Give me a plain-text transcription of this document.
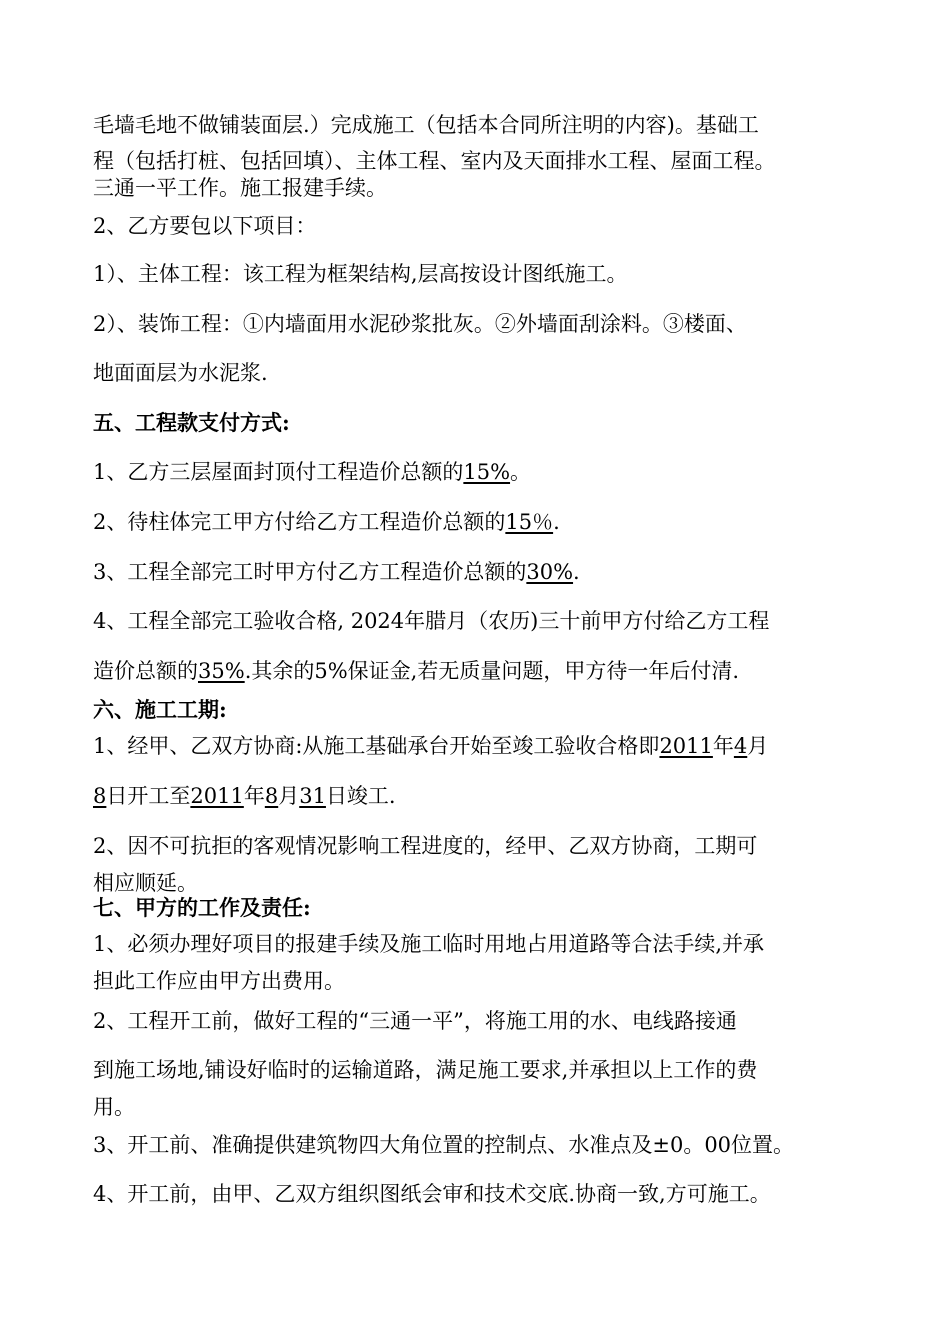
毛墙毛地不做铺装面层.）完成施工（包括本合同所注明的内容)。基础工

程（包括打桩、包括回填）、主体工程、室内及天面排水工程、屋面工程。

三通一平工作。施工报建手续。

2、乙方要包以下项目：

1）、主体工程：该工程为框架结构,层高按设计图纸施工。

2）、装饰工程：①内墙面用水泥砂浆批灰。②外墙面刮涂料。③楼面、

地面面层为水泥浆.

五、工程款支付方式:

1、乙方三层屋面封顶付工程造价总额的15%。

2、待柱体完工甲方付给乙方工程造价总额的15％.

3、工程全部完工时甲方付乙方工程造价总额的30%.

4、工程全部完工验收合格, 2024年腊月（农历)三十前甲方付给乙方工程

造价总额的35%.其余的5%保证金,若无质量问题，甲方待一年后付清.

六、施工工期:

1、经甲、乙双方协商:从施工基础承台开始至竣工验收合格即2011年4月

8日开工至2011年8月31日竣工.

2、因不可抗拒的客观情况影响工程进度的，经甲、乙双方协商，工期可

相应顺延。

七、甲方的工作及责任:

1、必须办理好项目的报建手续及施工临时用地占用道路等合法手续,并承

担此工作应由甲方出费用。

2、工程开工前，做好工程的“三通一平”，将施工用的水、电线路接通

到施工场地,铺设好临时的运输道路，满足施工要求,并承担以上工作的费

用。

3、开工前、准确提供建筑物四大角位置的控制点、水准点及±0。00位置。

4、开工前，由甲、乙双方组织图纸会审和技术交底.协商一致,方可施工。
